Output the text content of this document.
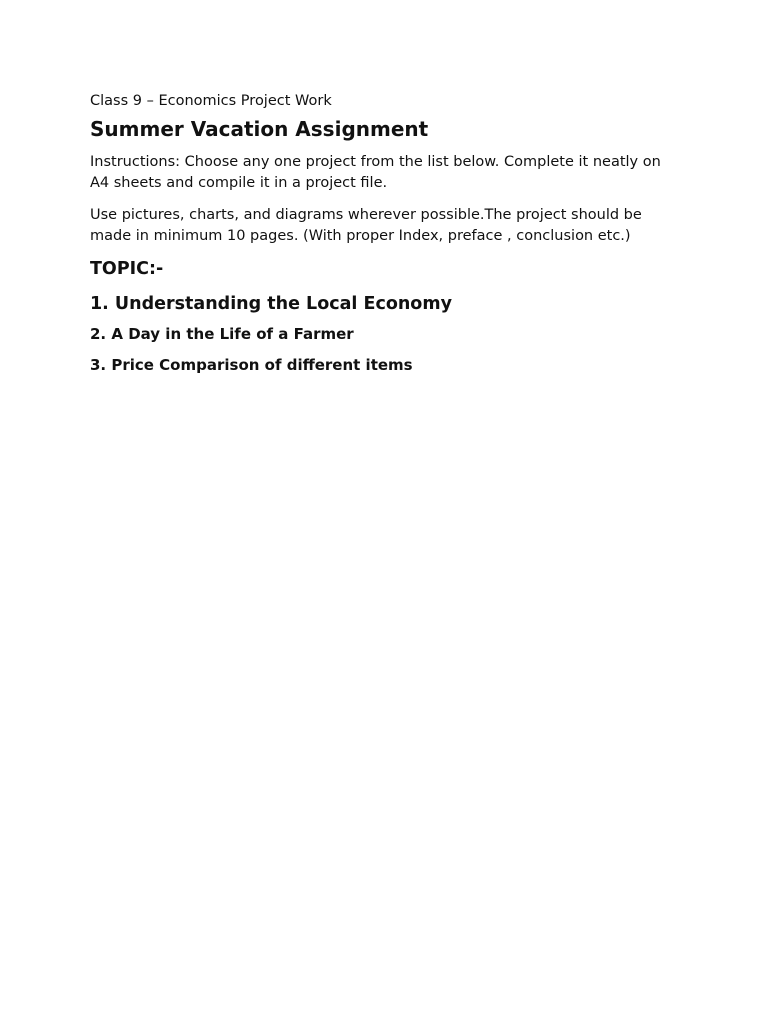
Class 9 – Economics Project Work
Summer Vacation Assignment

Instructions: Choose any one project from the list below. Complete it neatly on A4 sheets and compile it in a project file.

Use pictures, charts, and diagrams wherever possible.The project should be made in minimum 10 pages. (With proper Index, preface , conclusion etc.)

TOPIC:-
1. Understanding the Local Economy
2. A Day in the Life of a Farmer
3. Price Comparison of different items
